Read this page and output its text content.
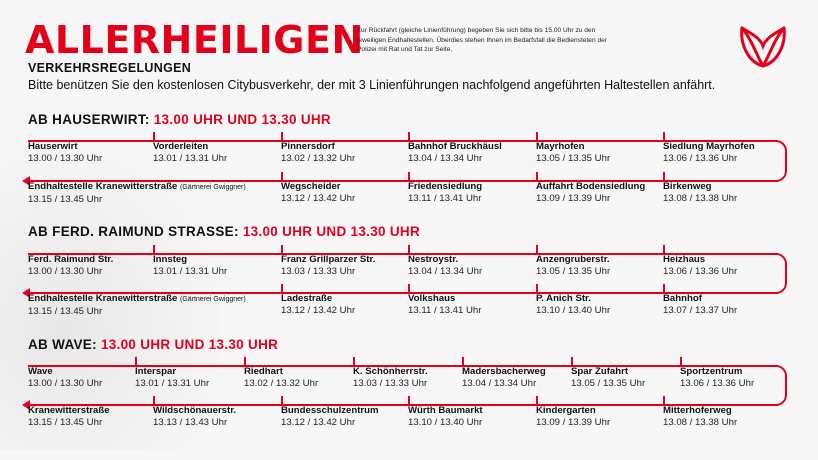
ALLERHEILIGEN
VERKEHRSREGELUNGEN
Bitte benützen Sie den kostenlosen Citybusverkehr, der mit 3 Linienführungen nachfolgend angeführten Haltestellen anfährt.
Zur Rückfahrt (gleiche Linienführung) begeben Sie sich bitte bis 15.00 Uhr zu den jeweiligen Endhaltestellen. Überdies stehen Ihnen im Bedarfsfall die Bediensteten der Polizei mit Rat und Tat zur Seite.
AB HAUSERWIRT: 13.00 UHR UND 13.30 UHR
Hauserwirt
13.00 / 13.30 Uhr
Vorderleiten
13.01 / 13.31 Uhr
Pinnersdorf
13.02 / 13.32 Uhr
Bahnhof Bruckhäusl
13.04 / 13.34 Uhr
Mayrhofen
13.05 / 13.35 Uhr
Siedlung Mayrhofen
13.06 / 13.36 Uhr
Endhaltestelle Kranewitterstraße (Gärtnerei Gwiggner)
13.15 / 13.45 Uhr
Wegscheider
13.12 / 13.42 Uhr
Friedensiedlung
13.11 / 13.41 Uhr
Auffahrt Bodensiedlung
13.09 / 13.39 Uhr
Birkenweg
13.08 / 13.38 Uhr
AB FERD. RAIMUND STRASSE: 13.00 UHR UND 13.30 UHR
Ferd. Raimund Str.
13.00 / 13.30 Uhr
Innsteg
13.01 / 13.31 Uhr
Franz Grillparzer Str.
13.03 / 13.33 Uhr
Nestroystr.
13.04 / 13.34 Uhr
Anzengruberstr.
13.05 / 13.35 Uhr
Heizhaus
13.06 / 13.36 Uhr
Endhaltestelle Kranewitterstraße (Gärtnerei Gwiggner)
13.15 / 13.45 Uhr
Ladestraße
13.12 / 13.42 Uhr
Volkshaus
13.11 / 13.41 Uhr
P. Anich Str.
13.10 / 13.40 Uhr
Bahnhof
13.07 / 13.37 Uhr
AB WAVE: 13.00 UHR UND 13.30 UHR
Wave
13.00 / 13.30 Uhr
Interspar
13.01 / 13.31 Uhr
Riedhart
13.02 / 13.32 Uhr
K. Schönherrstr.
13.03 / 13.33 Uhr
Madersbacherweg
13.04 / 13.34 Uhr
Spar Zufahrt
13.05 / 13.35 Uhr
Sportzentrum
13.06 / 13.36 Uhr
Kranewitterstraße
13.15 / 13.45 Uhr
Wildschönauerstr.
13.13 / 13.43 Uhr
Bundesschulzentrum
13.12 / 13.42 Uhr
Würth Baumarkt
13.10 / 13.40 Uhr
Kindergarten
13.09 / 13.39 Uhr
Mitterhoferweg
13.08 / 13.38 Uhr
